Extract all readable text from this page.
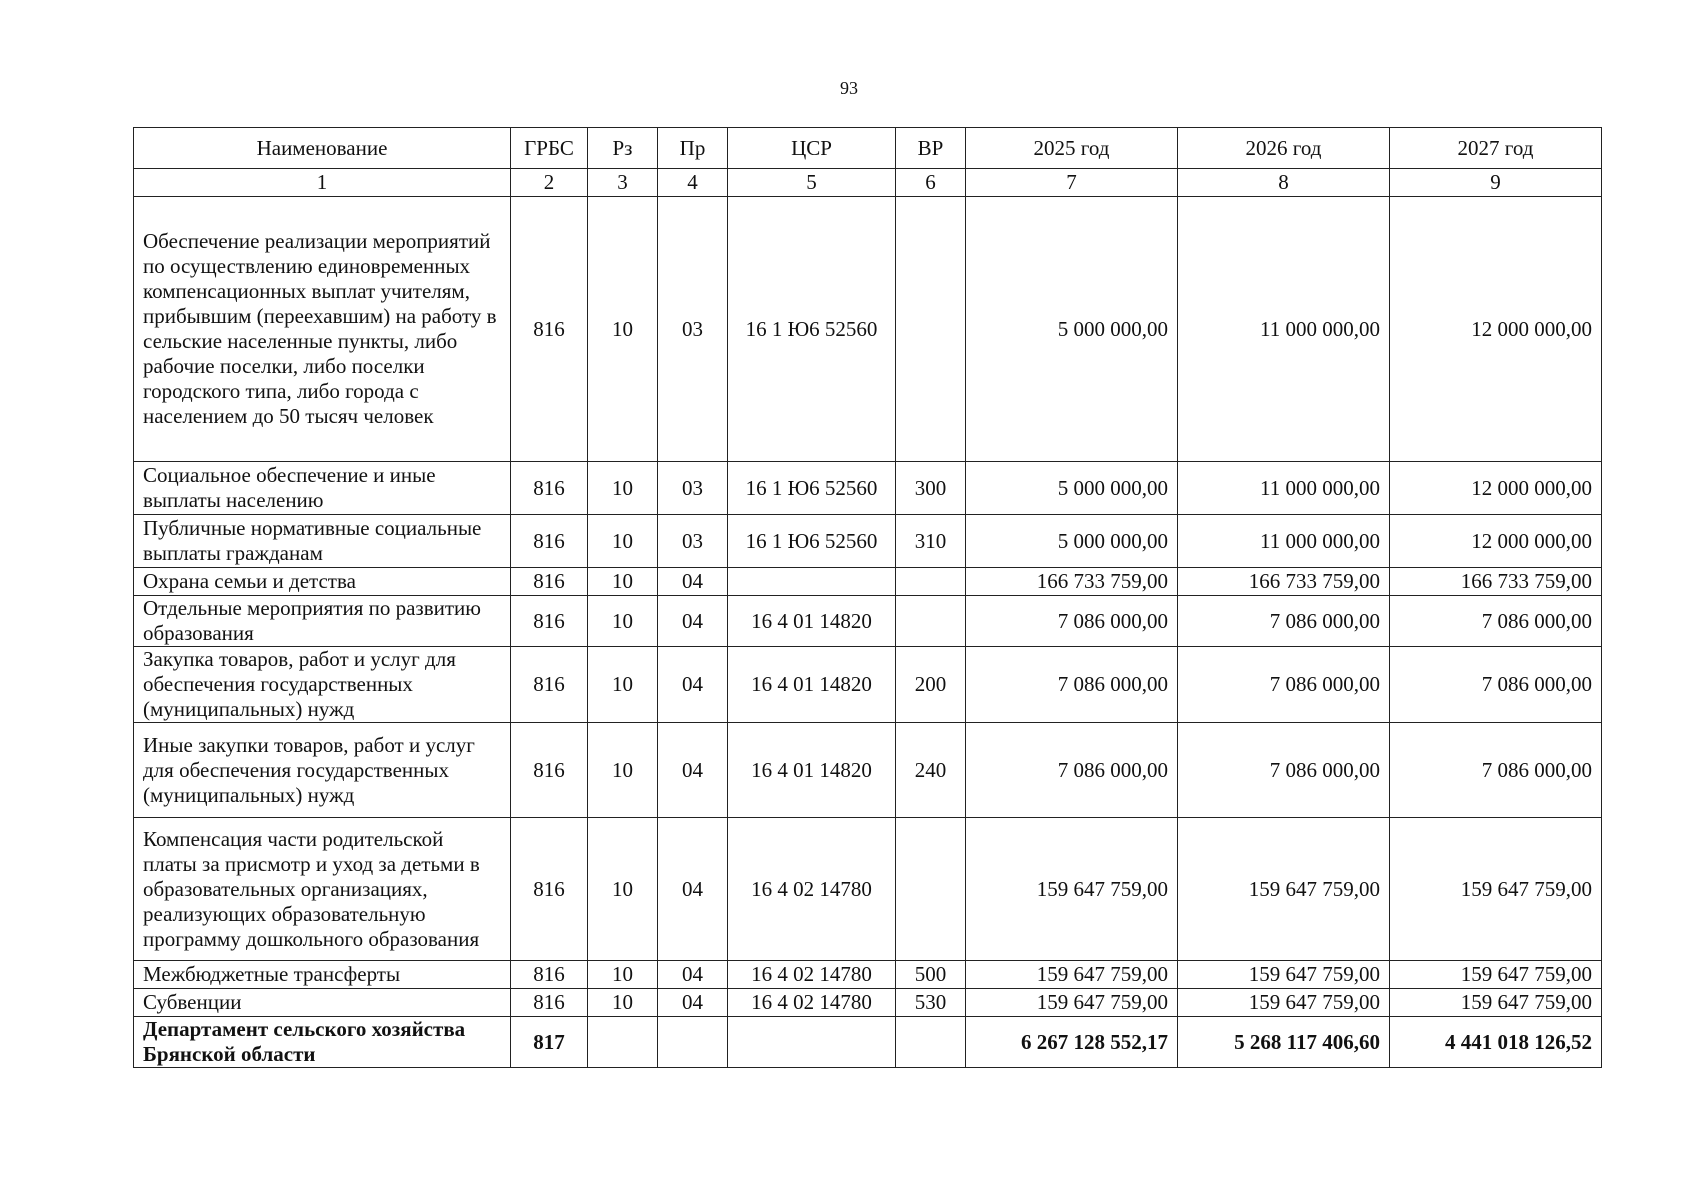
93
Наименование	ГРБС	Рз	Пр	ЦСР	ВР	2025 год	2026 год	2027 год
1	2	3	4	5	6	7	8	9
Обеспечение реализации мероприятий по осуществлению единовременных компенсационных выплат учителям, прибывшим (переехавшим) на работу в сельские населенные пункты, либо рабочие поселки, либо поселки городского типа, либо города с населением до 50 тысяч человек	816	10	03	16 1 Ю6 52560		5 000 000,00	11 000 000,00	12 000 000,00
Социальное обеспечение и иные выплаты населению	816	10	03	16 1 Ю6 52560	300	5 000 000,00	11 000 000,00	12 000 000,00
Публичные нормативные социальные выплаты гражданам	816	10	03	16 1 Ю6 52560	310	5 000 000,00	11 000 000,00	12 000 000,00
Охрана семьи и детства	816	10	04			166 733 759,00	166 733 759,00	166 733 759,00
Отдельные мероприятия по развитию образования	816	10	04	16 4 01 14820		7 086 000,00	7 086 000,00	7 086 000,00
Закупка товаров, работ и услуг для обеспечения государственных (муниципальных) нужд	816	10	04	16 4 01 14820	200	7 086 000,00	7 086 000,00	7 086 000,00
Иные закупки товаров, работ и услуг для обеспечения государственных (муниципальных) нужд	816	10	04	16 4 01 14820	240	7 086 000,00	7 086 000,00	7 086 000,00
Компенсация части родительской платы за присмотр и уход за детьми в образовательных организациях, реализующих образовательную программу дошкольного образования	816	10	04	16 4 02 14780		159 647 759,00	159 647 759,00	159 647 759,00
Межбюджетные трансферты	816	10	04	16 4 02 14780	500	159 647 759,00	159 647 759,00	159 647 759,00
Субвенции	816	10	04	16 4 02 14780	530	159 647 759,00	159 647 759,00	159 647 759,00
Департамент сельского хозяйства Брянской области	817					6 267 128 552,17	5 268 117 406,60	4 441 018 126,52
